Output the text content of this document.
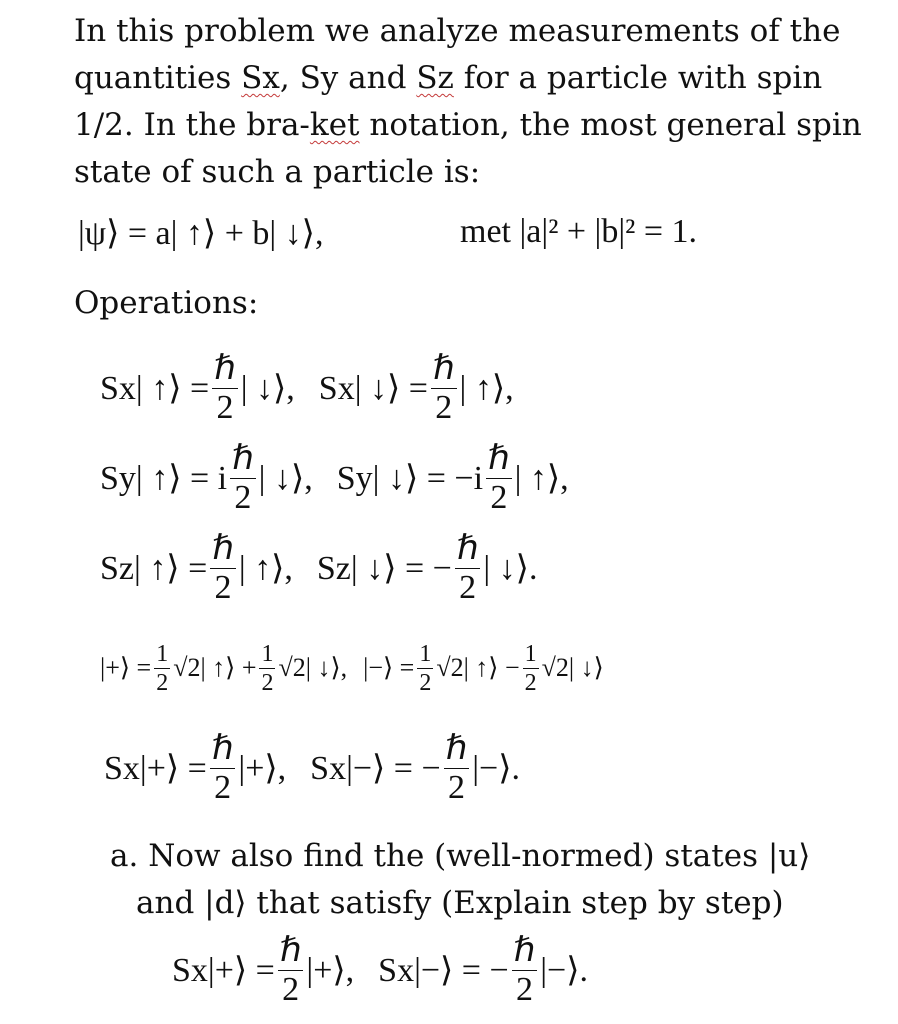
In this problem we analyze measurements of the quantities Sx, Sy and Sz for a particle with spin 1/2. In the bra-ket notation, the most general spin state of such a particle is:
|ψ⟩ = a| ↑⟩ + b| ↓⟩,	met |a|² + |b|² = 1.
Operations:
Sx| ↑⟩ = $\frac{\text{ℏ}}{2}$ | ↓⟩, Sx| ↓⟩ = $\frac{\text{ℏ}}{2}$ | ↑⟩,
Sy| ↑⟩ = i $\frac{\text{ℏ}}{2}$ | ↓⟩, Sy| ↓⟩ = $-i \frac{\text{ℏ}}{2}$ | ↑⟩,
Sz| ↑⟩ = $\frac{\text{ℏ}}{2}$ | ↑⟩, Sz| ↓⟩ = − $\frac{\text{ℏ}}{2}$ | ↓⟩.
|+⟩ = $\frac{1}{2} √2$ | ↑⟩ + $\frac{1}{2} √2$ | ↓⟩, |−⟩ = $\frac{1}{2} √2$ | ↑⟩ − $\frac{1}{2} √2$ | ↓⟩
Sx|+⟩ = $\frac{\text{ℏ}}{2}$ |+⟩, Sx|−⟩ = − $\frac{\text{ℏ}}{2}$ |−⟩.
a. Now also find the (well-normed) states |u⟩
and |d⟩ that satisfy (Explain step by step)
Sx|+⟩ = $\frac{\text{ℏ}}{2}$ |+⟩, Sx|−⟩ = − $\frac{\text{ℏ}}{2}$ |−⟩.
